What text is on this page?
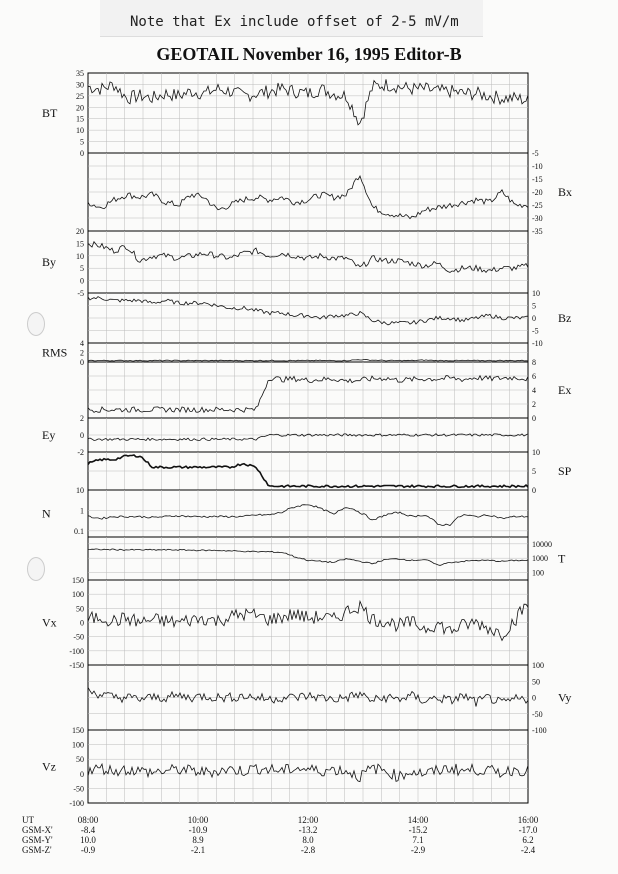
Note that Ex include offset of 2-5 mV/m
GEOTAIL November 16, 1995 Editor-B
35
30
25
20
15
10
5
0
BT
-5
-10
-15
-20
-25
-30
-35
Bx
20
15
10
5
0
-5
By
10
5
0
-5
-10
Bz
4
2
0
RMS
8
6
4
2
0
Ex
2
0
-2
Ey
10
5
0
SP
10
1
0.1
N
10000
1000
100
T
150
100
50
0
-50
-100
-150
Vx
100
50
0
-50
-100
Vy
150
100
50
0
-50
-100
Vz
UT	08:00	10:00	12:00	14:00	16:00
GSM-X'	-8.4	-10.9	-13.2	-15.2	-17.0
GSM-Y'	10.0	8.9	8.0	7.1	6.2
GSM-Z'	-0.9	-2.1	-2.8	-2.9	-2.4
